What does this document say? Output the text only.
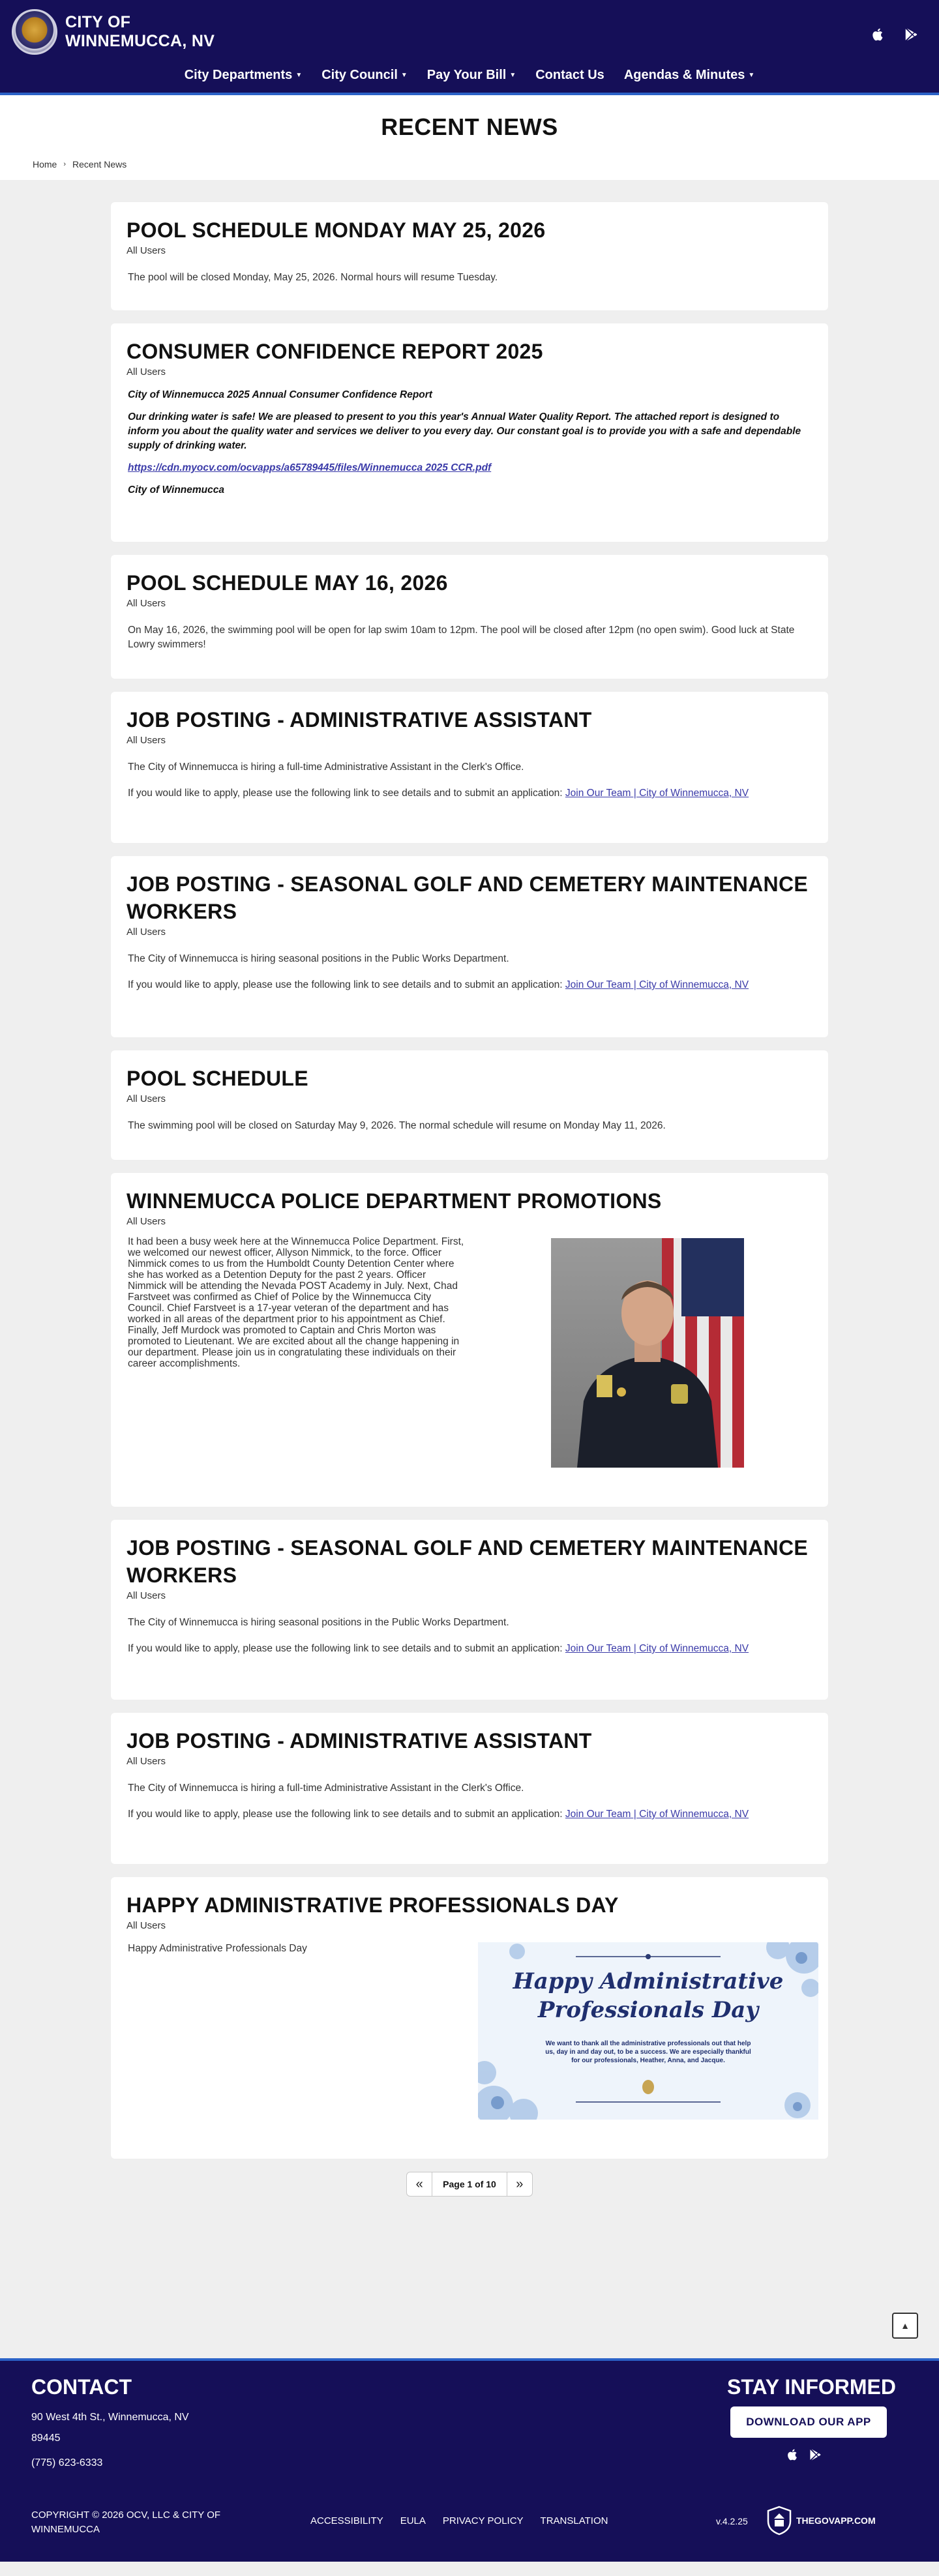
CITY OF
WINNEMUCCA, NV
City Departments ▼ City Council ▼ Pay Your Bill ▼ Contact Us Agendas & Minutes ▼
RECENT NEWS
Home › Recent News
POOL SCHEDULE MONDAY MAY 25, 2026
All Users

The pool will be closed Monday, May 25, 2026. Normal hours will resume Tuesday.

CONSUMER CONFIDENCE REPORT 2025
All Users

City of Winnemucca 2025 Annual Consumer Confidence Report

Our drinking water is safe! We are pleased to present to you this year's Annual Water Quality Report. The attached report is designed to inform you about the quality water and services we deliver to you every day. Our constant goal is to provide you with a safe and dependable supply of drinking water.

https://cdn.myocv.com/ocvapps/a65789445/files/Winnemucca 2025 CCR.pdf

City of Winnemucca

POOL SCHEDULE MAY 16, 2026
All Users

On May 16, 2026, the swimming pool will be open for lap swim 10am to 12pm. The pool will be closed after 12pm (no open swim). Good luck at State Lowry swimmers!

JOB POSTING - ADMINISTRATIVE ASSISTANT
All Users

The City of Winnemucca is hiring a full-time Administrative Assistant in the Clerk's Office.

If you would like to apply, please use the following link to see details and to submit an application: Join Our Team | City of Winnemucca, NV

JOB POSTING - SEASONAL GOLF AND CEMETERY MAINTENANCE WORKERS
All Users

The City of Winnemucca is hiring seasonal positions in the Public Works Department.

If you would like to apply, please use the following link to see details and to submit an application: Join Our Team | City of Winnemucca, NV

POOL SCHEDULE
All Users

The swimming pool will be closed on Saturday May 9, 2026. The normal schedule will resume on Monday May 11, 2026.

WINNEMUCCA POLICE DEPARTMENT PROMOTIONS
All Users
It had been a busy week here at the Winnemucca Police Department. First, we welcomed our newest officer, Allyson Nimmick, to the force. Officer Nimmick comes to us from the Humboldt County Detention Center where she has worked as a Detention Deputy for the past 2 years. Officer Nimmick will be attending the Nevada POST Academy in July. Next, Chad Farstveet was confirmed as Chief of Police by the Winnemucca City Council. Chief Farstveet is a 17-year veteran of the department and has worked in all areas of the department prior to his appointment as Chief. Finally, Jeff Murdock was promoted to Captain and Chris Morton was promoted to Lieutenant. We are excited about all the change happening in our department. Please join us in congratulating these individuals on their career accomplishments.
JOB POSTING - SEASONAL GOLF AND CEMETERY MAINTENANCE WORKERS
All Users

The City of Winnemucca is hiring seasonal positions in the Public Works Department.

If you would like to apply, please use the following link to see details and to submit an application: Join Our Team | City of Winnemucca, NV

JOB POSTING - ADMINISTRATIVE ASSISTANT
All Users

The City of Winnemucca is hiring a full-time Administrative Assistant in the Clerk's Office.

If you would like to apply, please use the following link to see details and to submit an application: Join Our Team | City of Winnemucca, NV

HAPPY ADMINISTRATIVE PROFESSIONALS DAY
All Users

Happy Administrative Professionals Day

Happy Administrative
Professionals Day
We want to thank all the administrative professionals out that help
us, day in and day out, to be a success. We are especially thankful
for our professionals, Heather, Anna, and Jacque.
«	Page 1 of 10	»
▲
CONTACT
90 West 4th St., Winnemucca, NV
89445
(775) 623-6333
STAY INFORMED
DOWNLOAD OUR APP
COPYRIGHT © 2026 OCV, LLC & CITY OF WINNEMUCCA
ACCESSIBILITY EULA PRIVACY POLICY TRANSLATION	v.4.2.25	THEGOVAPP.COM
